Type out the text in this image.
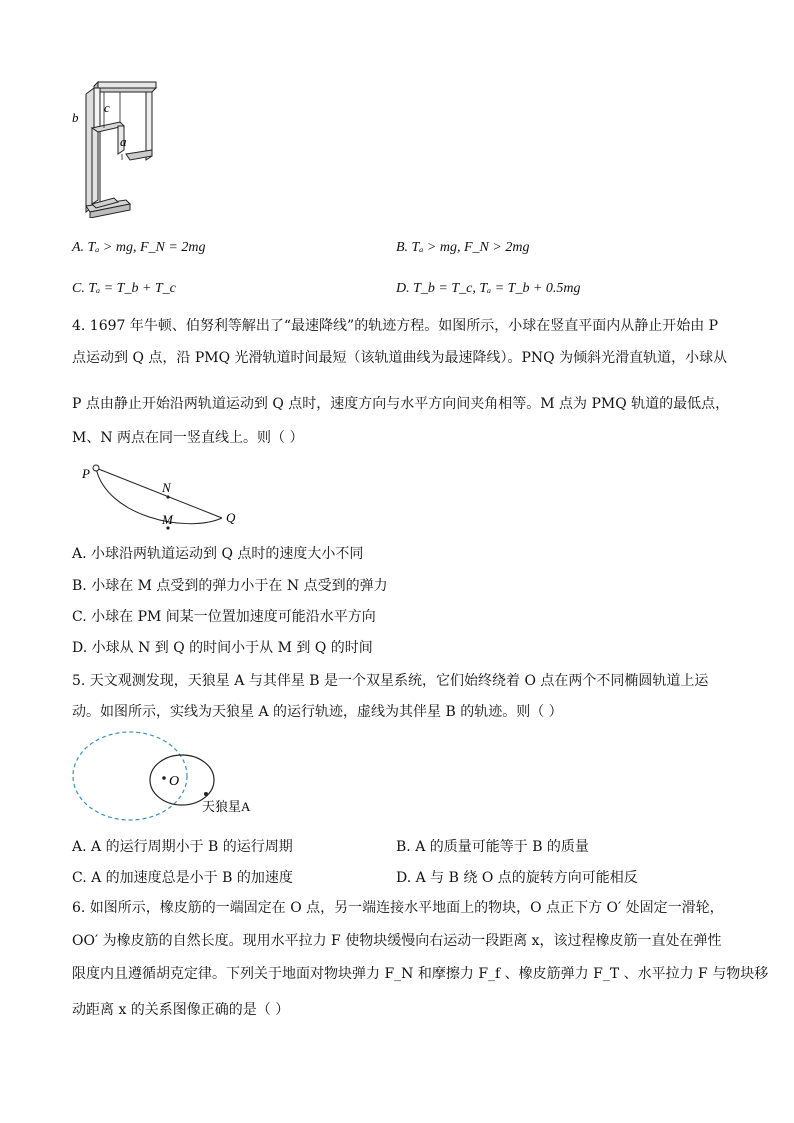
b
c
a
A. Tₐ > mg, F_N = 2mg	B. Tₐ > mg, F_N > 2mg
C. Tₐ = T_b + T_c	D. T_b = T_c, Tₐ = T_b + 0.5mg
4. 1697 年牛顿、伯努利等解出了“最速降线”的轨迹方程。如图所示，小球在竖直平面内从静止开始由 P
点运动到 Q 点，沿 PMQ 光滑轨道时间最短（该轨道曲线为最速降线）。PNQ 为倾斜光滑直轨道，小球从
P 点由静止开始沿两轨道运动到 Q 点时，速度方向与水平方向间夹角相等。M 点为 PMQ 轨道的最低点，
M、N 两点在同一竖直线上。则（ ）
P
N
M	Q
A. 小球沿两轨道运动到 Q 点时的速度大小不同
B. 小球在 M 点受到的弹力小于在 N 点受到的弹力
C. 小球在 PM 间某一位置加速度可能沿水平方向
D. 小球从 N 到 Q 的时间小于从 M 到 Q 的时间
5. 天文观测发现，天狼星 A 与其伴星 B 是一个双星系统，它们始终绕着 O 点在两个不同椭圆轨道上运
动。如图所示，实线为天狼星 A 的运行轨迹，虚线为其伴星 B 的轨迹。则（ ）
O
天狼星A
A. A 的运行周期小于 B 的运行周期	B. A 的质量可能等于 B 的质量
C. A 的加速度总是小于 B 的加速度	D. A 与 B 绕 O 点的旋转方向可能相反
6. 如图所示，橡皮筋的一端固定在 O 点，另一端连接水平地面上的物块，O 点正下方 O′ 处固定一滑轮，
OO′ 为橡皮筋的自然长度。现用水平拉力 F 使物块缓慢向右运动一段距离 x，该过程橡皮筋一直处在弹性
限度内且遵循胡克定律。下列关于地面对物块弹力 F_N 和摩擦力 F_f 、橡皮筋弹力 F_T 、水平拉力 F 与物块移
动距离 x 的关系图像正确的是（ ）
